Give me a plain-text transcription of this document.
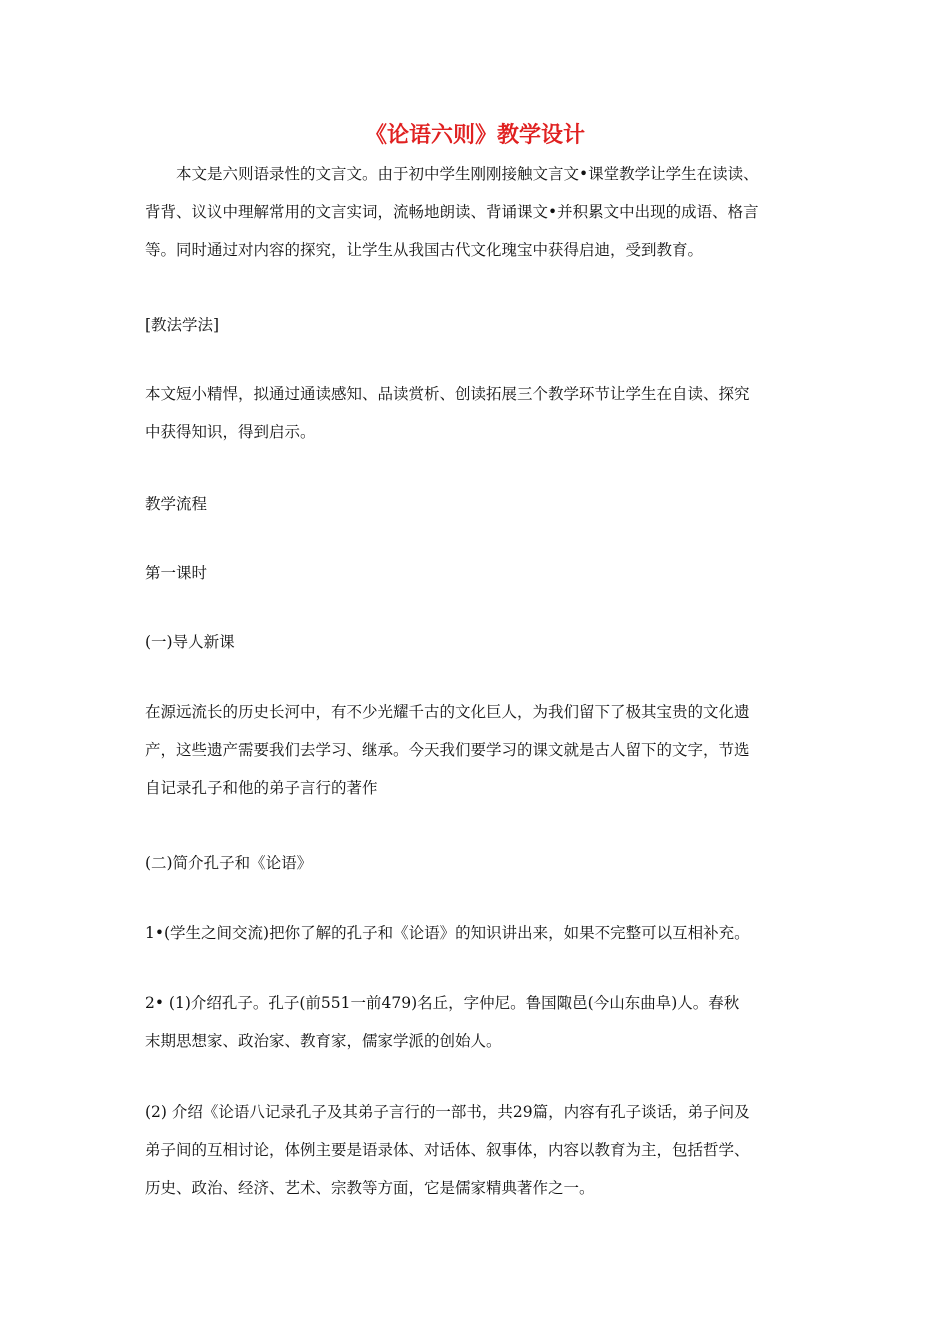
《论语六则》教学设计
本文是六则语录性的文言文。由于初中学生刚刚接触文言文•课堂教学让学生在读读、
背背、议议中理解常用的文言实词，流畅地朗读、背诵课文•并积累文中出现的成语、格言
等。同时通过对内容的探究，让学生从我国古代文化瑰宝中获得启迪，受到教育。
[教法学法]
本文短小精悍，拟通过通读感知、品读赏析、创读拓展三个教学环节让学生在自读、探究
中获得知识，得到启示。
教学流程
第一课时
(一)导人新课
在源远流长的历史长河中，有不少光耀千古的文化巨人，为我们留下了极其宝贵的文化遗
产，这些遗产需要我们去学习、继承。今天我们要学习的课文就是古人留下的文字，节选
自记录孔子和他的弟子言行的著作
(二)简介孔子和《论语》
1•(学生之间交流)把你了解的孔子和《论语》的知识讲出来，如果不完整可以互相补充。
2• (1)介绍孔子。孔子(前551一前479)名丘，字仲尼。鲁国陬邑(今山东曲阜)人。春秋
末期思想家、政治家、教育家，儒家学派的创始人。
(2) 介绍《论语八记录孔子及其弟子言行的一部书，共29篇，内容有孔子谈话，弟子问及
弟子间的互相讨论，体例主要是语录体、对话体、叙事体，内容以教育为主，包括哲学、
历史、政治、经济、艺术、宗教等方面，它是儒家精典著作之一。
